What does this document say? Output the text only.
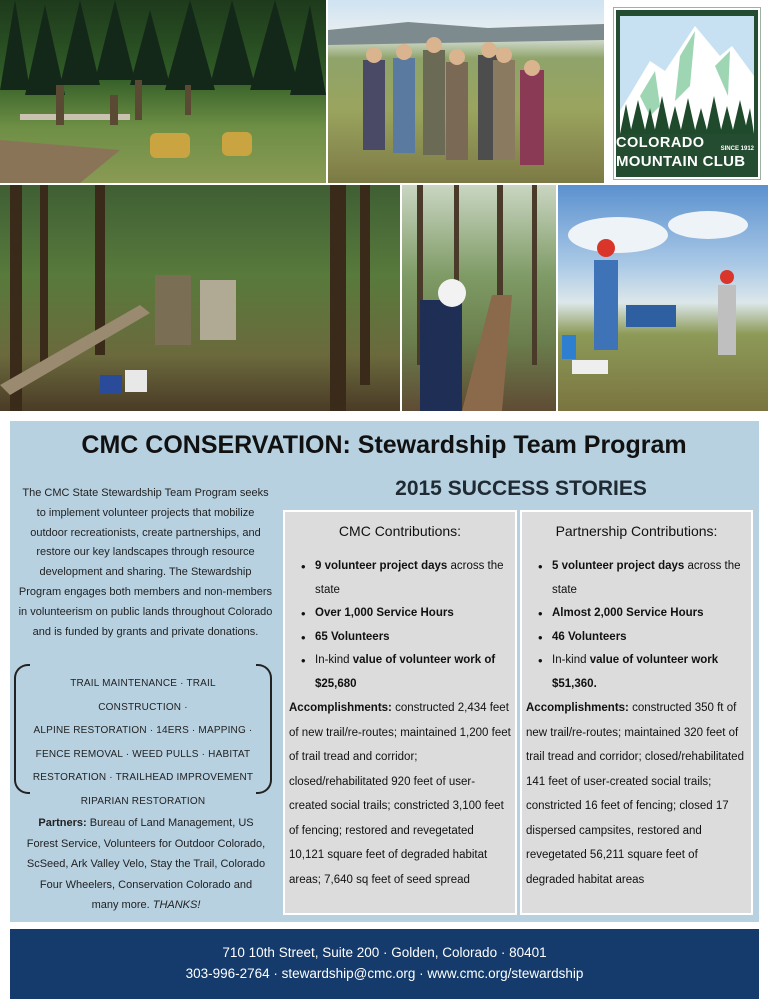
COLORADO	SINCE 1912
MOUNTAIN CLUB
CMC CONSERVATION: Stewardship Team Program
2015 SUCCESS STORIES
The CMC State Stewardship Team Program seeks to implement volunteer projects that mobilize outdoor recreationists, create partnerships, and restore our key landscapes through resource development and sharing. The Stewardship Program engages both members and non-members in volunteerism on public lands throughout Colorado and is funded by grants and private donations.
TRAIL MAINTENANCE · TRAIL CONSTRUCTION ·
ALPINE RESTORATION · 14ERS · MAPPING ·
FENCE REMOVAL · WEED PULLS · HABITAT
RESTORATION · TRAILHEAD IMPROVEMENT
RIPARIAN RESTORATION
Partners: Bureau of Land Management, US Forest Service, Volunteers for Outdoor Colorado, ScSeed, Ark Valley Velo, Stay the Trail, Colorado Four Wheelers, Conservation Colorado and many more. THANKS!
CMC Contributions:
• 9 volunteer project days across the state
• Over 1,000 Service Hours
• 65 Volunteers
• In-kind value of volunteer work of $25,680
Accomplishments: constructed 2,434 feet of new trail/re-routes; maintained 1,200 feet of trail tread and corridor; closed/rehabilitated 920 feet of user-created social trails; constricted 3,100 feet of fencing; restored and revegetated 10,121 square feet of degraded habitat areas; 7,640 sq feet of seed spread
Partnership Contributions:
• 5 volunteer project days across the state
• Almost 2,000 Service Hours
• 46 Volunteers
• In-kind value of volunteer work $51,360.
Accomplishments: constructed 350 ft of new trail/re-routes; maintained 320 feet of trail tread and corridor; closed/rehabilitated 141 feet of user-created social trails; constricted 16 feet of fencing; closed 17 dispersed campsites, restored and revegetated 56,211 square feet of degraded habitat areas
710 10th Street, Suite 200 · Golden, Colorado · 80401
303-996-2764 · stewardship@cmc.org · www.cmc.org/stewardship
